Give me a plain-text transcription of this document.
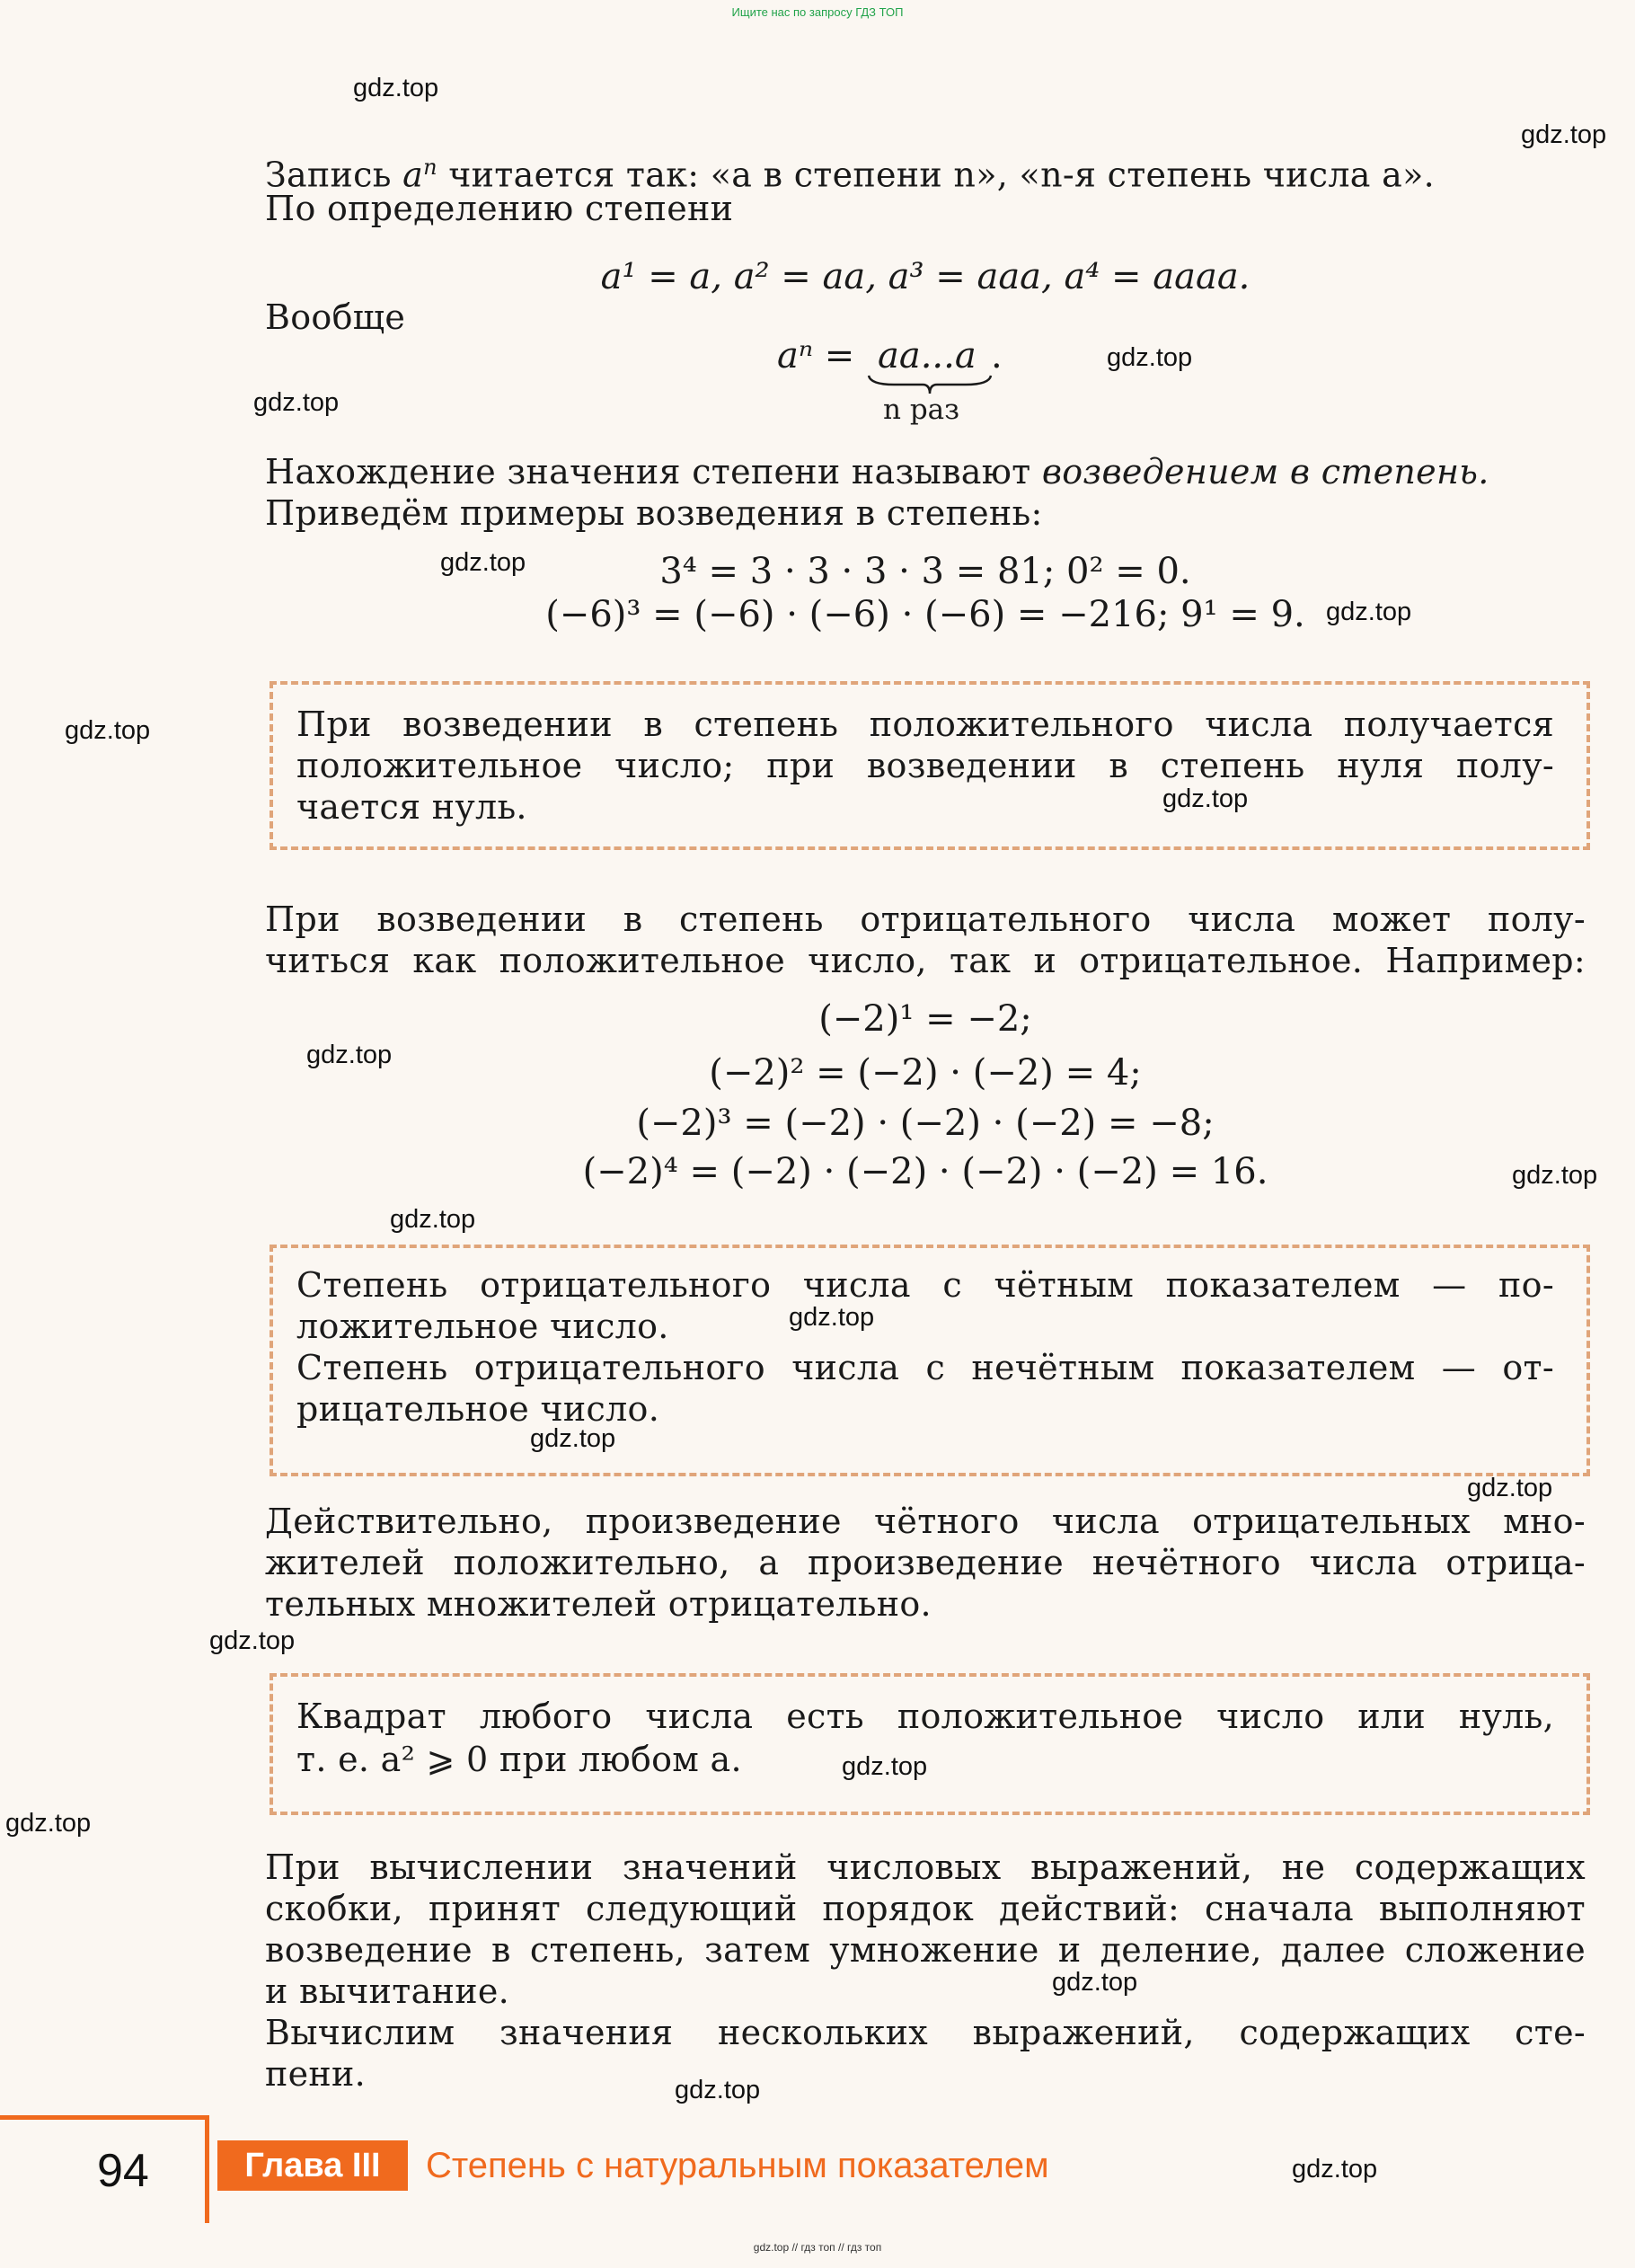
Ищите нас по запросу ГДЗ ТОП
Запись $a^n$ читается так: «a в степени n», «n-я степень числа a».
По определению степени
a¹ = a, a² = aa, a³ = aaa, a⁴ = aaaa.
Вообще
aⁿ = aa...a .
n раз
Нахождение значения степени называют возведением в степень.
Приведём примеры возведения в степень:
3⁴ = 3 · 3 · 3 · 3 = 81; 0² = 0.
(−6)³ = (−6) · (−6) · (−6) = −216; 9¹ = 9.
При возведении в степень положительного числа получается
положительное число; при возведении в степень нуля полу-
чается нуль.
При возведении в степень отрицательного числа может полу-
читься как положительное число, так и отрицательное. Например:
(−2)¹ = −2;
(−2)² = (−2) · (−2) = 4;
(−2)³ = (−2) · (−2) · (−2) = −8;
(−2)⁴ = (−2) · (−2) · (−2) · (−2) = 16.
Степень отрицательного числа с чётным показателем — по-
ложительное число.
Степень отрицательного числа с нечётным показателем — от-
рицательное число.
Действительно, произведение чётного числа отрицательных мно-
жителей положительно, а произведение нечётного числа отрица-
тельных множителей отрицательно.
Квадрат любого числа есть положительное число или нуль,
т. е. a² ⩾ 0 при любом a.
При вычислении значений числовых выражений, не содержащих
скобки, принят следующий порядок действий: сначала выполняют
возведение в степень, затем умножение и деление, далее сложение
и вычитание.
Вычислим значения нескольких выражений, содержащих сте-
пени.
94	Глава III	Степень с натуральным показателем
gdz.top // гдз топ // гдз топ
gdz.top
gdz.top
gdz.top
gdz.top
gdz.top
gdz.top
gdz.top
gdz.top
gdz.top
gdz.top
gdz.top
gdz.top
gdz.top
gdz.top
gdz.top
gdz.top
gdz.top
gdz.top
gdz.top
gdz.top
